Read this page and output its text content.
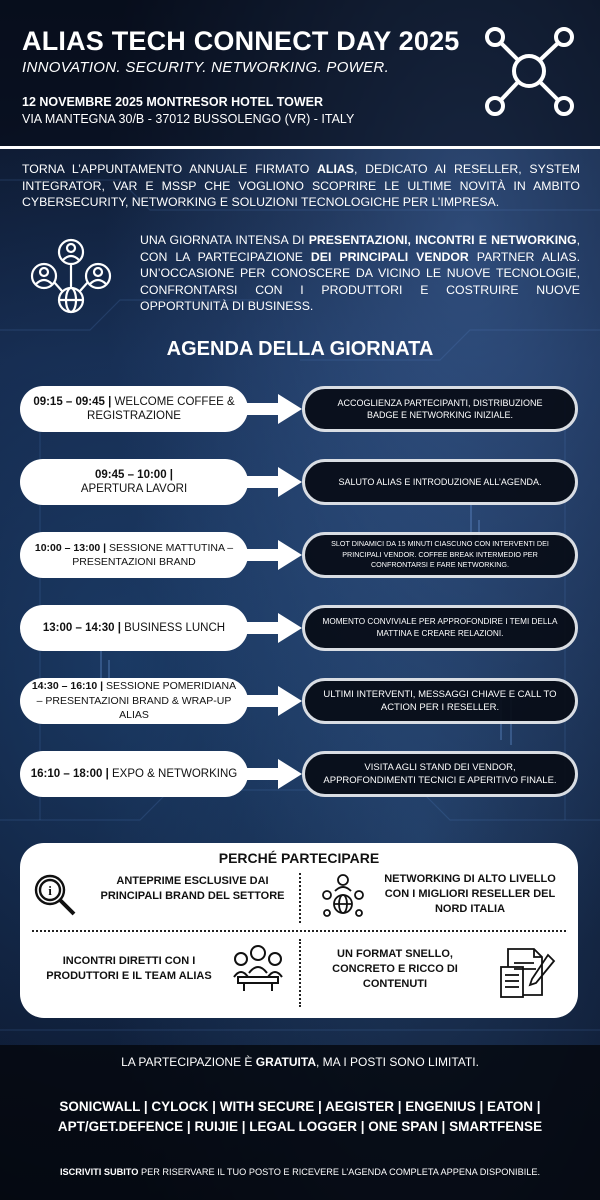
ALIAS TECH CONNECT DAY 2025
INNOVATION. SECURITY. NETWORKING. POWER.
12 NOVEMBRE 2025 MONTRESOR HOTEL TOWER
VIA MANTEGNA 30/B - 37012 BUSSOLENGO (VR) - ITALY
TORNA L’APPUNTAMENTO ANNUALE FIRMATO ALIAS, DEDICATO AI RESELLER, SYSTEM INTEGRATOR, VAR E MSSP CHE VOGLIONO SCOPRIRE LE ULTIME NOVITÀ IN AMBITO CYBERSECURITY, NETWORKING E SOLUZIONI TECNOLOGICHE PER L’IMPRESA.
UNA GIORNATA INTENSA DI PRESENTAZIONI, INCONTRI E NETWORKING, CON LA PARTECIPAZIONE DEI PRINCIPALI VENDOR PARTNER ALIAS. UN’OCCASIONE PER CONOSCERE DA VICINO LE NUOVE TECNOLOGIE, CONFRONTARSI CON I PRODUTTORI E COSTRUIRE NUOVE OPPORTUNITÀ DI BUSINESS.
AGENDA DELLA GIORNATA
09:15 – 09:45 | WELCOME COFFEE & REGISTRAZIONE
ACCOGLIENZA PARTECIPANTI, DISTRIBUZIONE BADGE E NETWORKING INIZIALE.
09:45 – 10:00 |
APERTURA LAVORI
SALUTO ALIAS E INTRODUZIONE ALL’AGENDA.
10:00 – 13:00 | SESSIONE MATTUTINA – PRESENTAZIONI BRAND
SLOT DINAMICI DA 15 MINUTI CIASCUNO CON INTERVENTI DEI PRINCIPALI VENDOR. COFFEE BREAK INTERMEDIO PER CONFRONTARSI E FARE NETWORKING.
13:00 – 14:30 | BUSINESS LUNCH
MOMENTO CONVIVIALE PER APPROFONDIRE I TEMI DELLA MATTINA E CREARE RELAZIONI.
14:30 – 16:10 | SESSIONE POMERIDIANA – PRESENTAZIONI BRAND & WRAP-UP ALIAS
ULTIMI INTERVENTI, MESSAGGI CHIAVE E CALL TO ACTION PER I RESELLER.
16:10 – 18:00 | EXPO & NETWORKING
VISITA AGLI STAND DEI VENDOR, APPROFONDIMENTI TECNICI E APERITIVO FINALE.
PERCHÉ PARTECIPARE
i
ANTEPRIME ESCLUSIVE DAI PRINCIPALI BRAND DEL SETTORE
NETWORKING DI ALTO LIVELLO CON I MIGLIORI RESELLER DEL NORD ITALIA
INCONTRI DIRETTI CON I PRODUTTORI E IL TEAM ALIAS
UN FORMAT SNELLO, CONCRETO E RICCO DI CONTENUTI
LA PARTECIPAZIONE È GRATUITA, MA I POSTI SONO LIMITATI.
SONICWALL | CYLOCK | WITH SECURE | AEGISTER | ENGENIUS | EATON |
APT/GET.DEFENCE | RUIJIE | LEGAL LOGGER | ONE SPAN | SMARTFENSE
ISCRIVITI SUBITO PER RISERVARE IL TUO POSTO E RICEVERE L’AGENDA COMPLETA APPENA DISPONIBILE.
